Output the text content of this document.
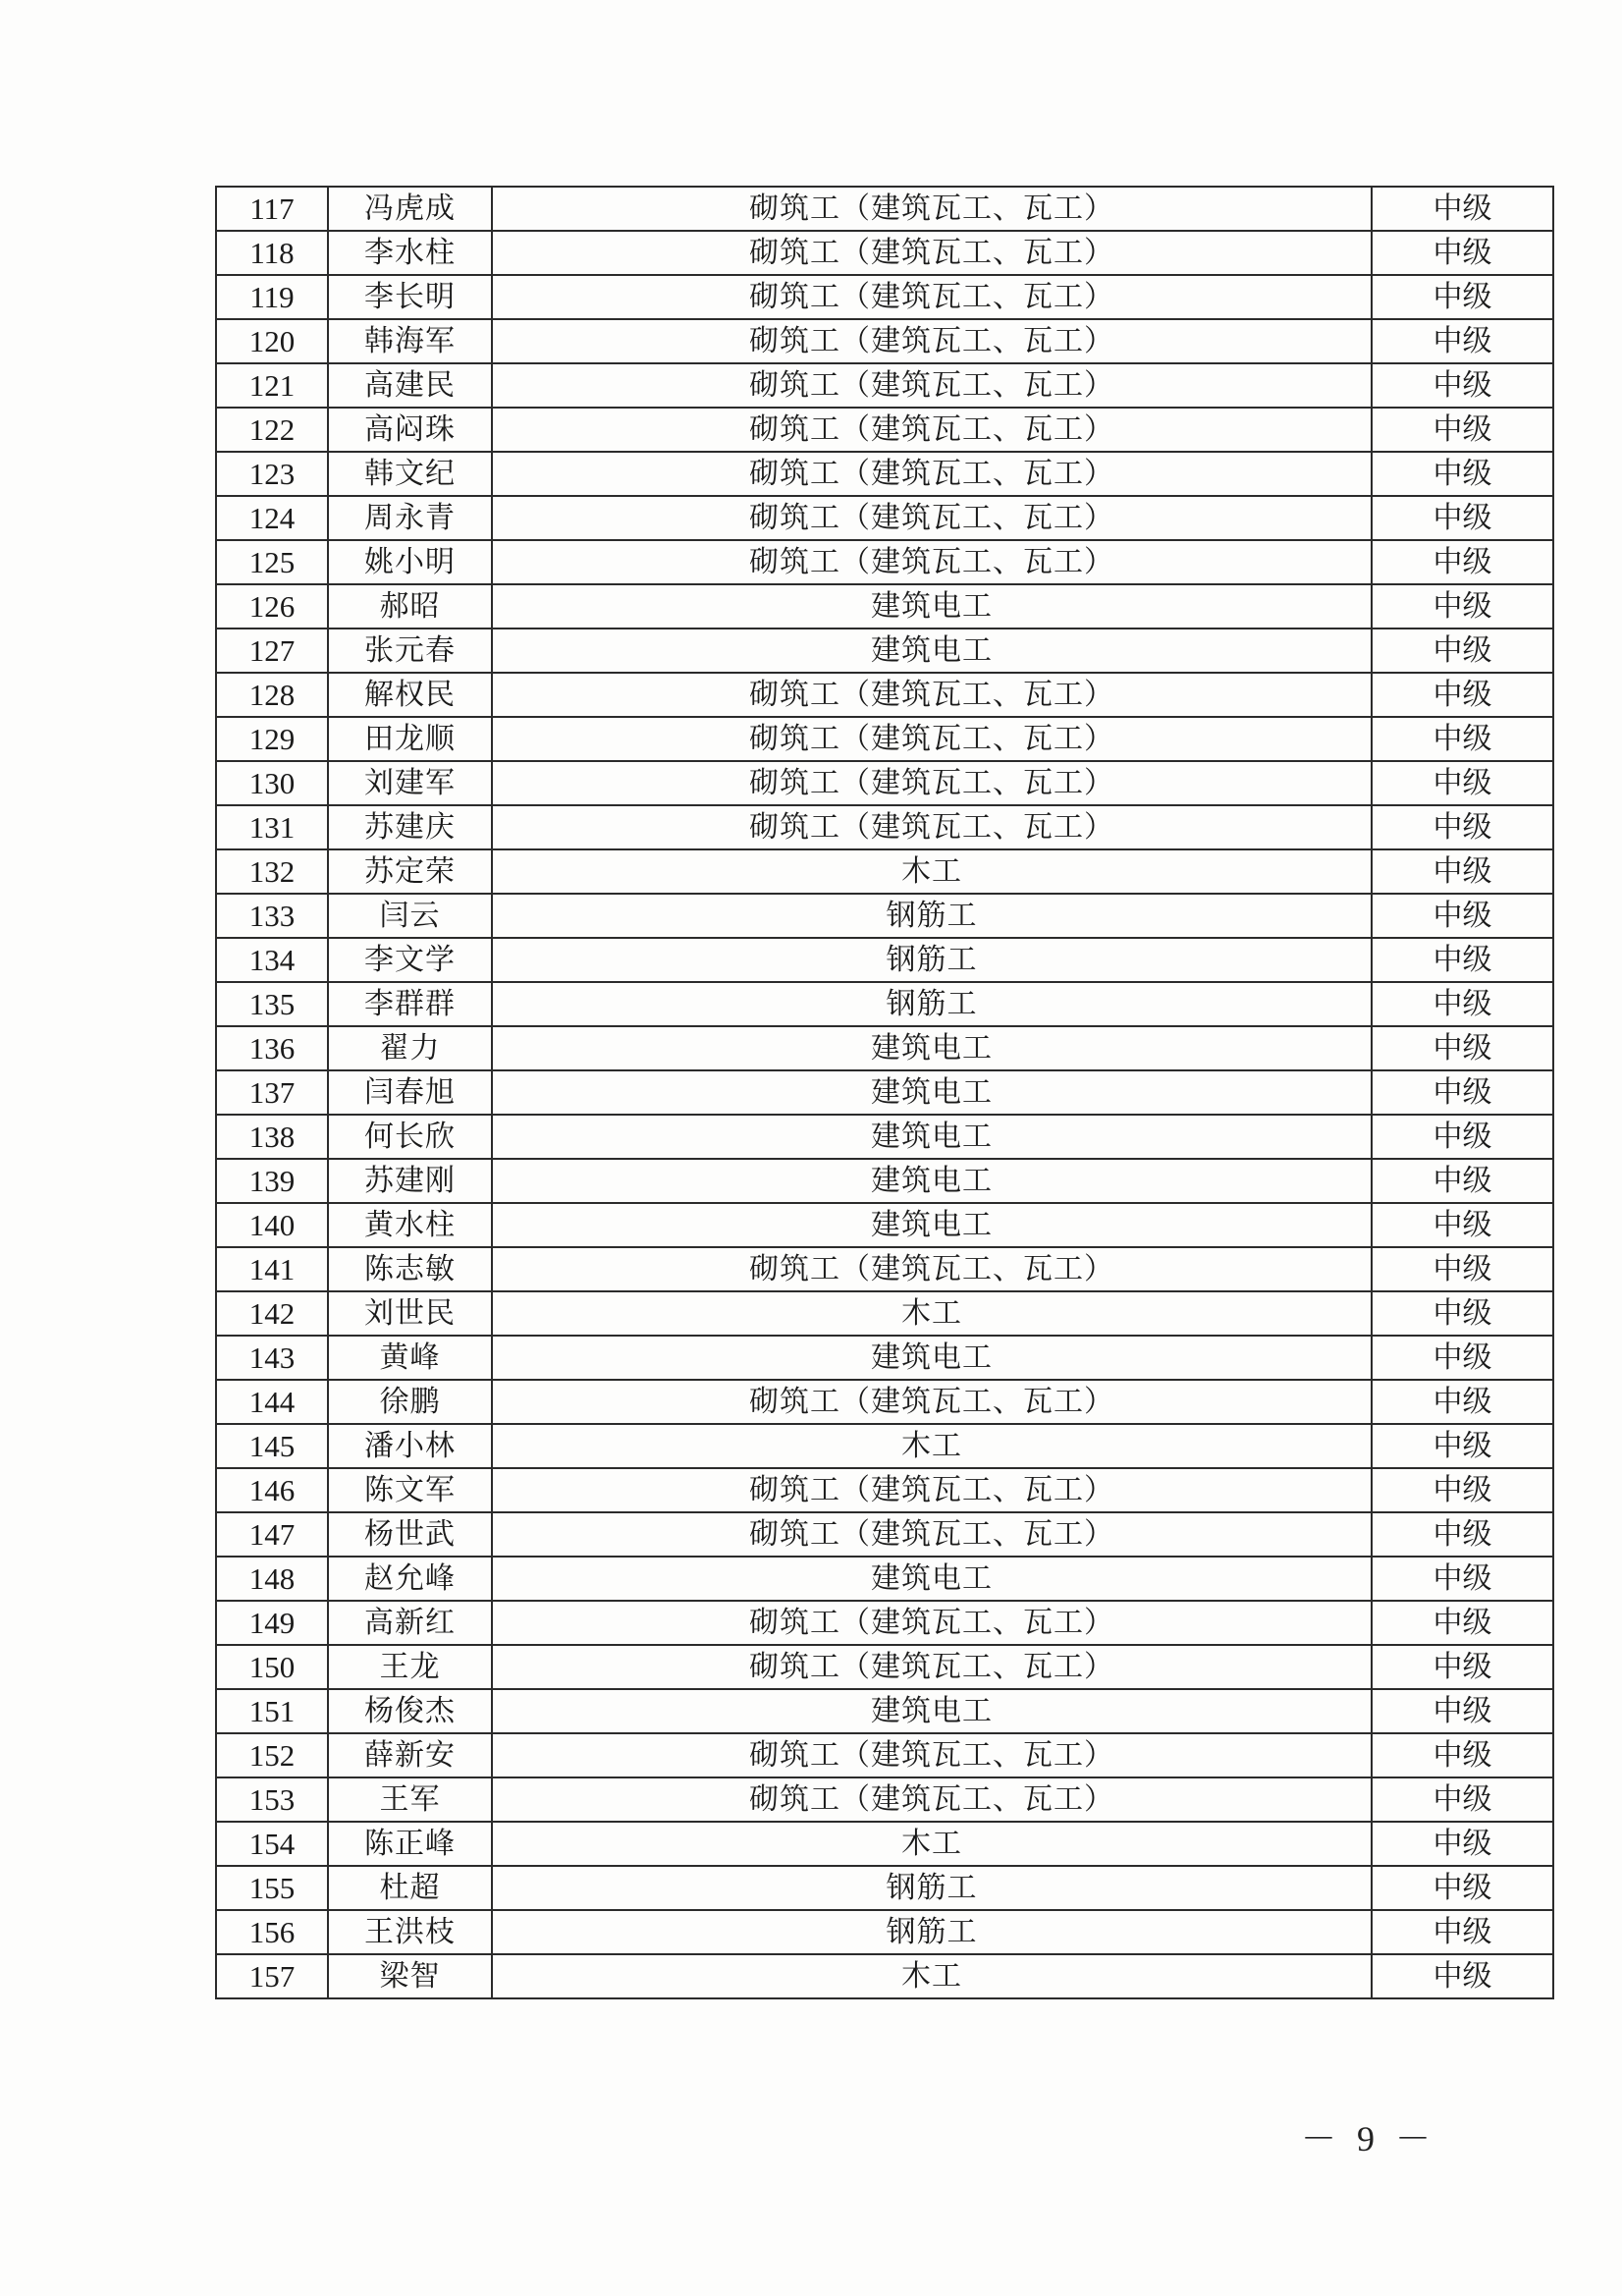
117	冯虎成	砌筑工（建筑瓦工、瓦工）	中级
118	李水柱	砌筑工（建筑瓦工、瓦工）	中级
119	李长明	砌筑工（建筑瓦工、瓦工）	中级
120	韩海军	砌筑工（建筑瓦工、瓦工）	中级
121	高建民	砌筑工（建筑瓦工、瓦工）	中级
122	高闷珠	砌筑工（建筑瓦工、瓦工）	中级
123	韩文纪	砌筑工（建筑瓦工、瓦工）	中级
124	周永青	砌筑工（建筑瓦工、瓦工）	中级
125	姚小明	砌筑工（建筑瓦工、瓦工）	中级
126	郝昭	建筑电工	中级
127	张元春	建筑电工	中级
128	解权民	砌筑工（建筑瓦工、瓦工）	中级
129	田龙顺	砌筑工（建筑瓦工、瓦工）	中级
130	刘建军	砌筑工（建筑瓦工、瓦工）	中级
131	苏建庆	砌筑工（建筑瓦工、瓦工）	中级
132	苏定荣	木工	中级
133	闫云	钢筋工	中级
134	李文学	钢筋工	中级
135	李群群	钢筋工	中级
136	翟力	建筑电工	中级
137	闫春旭	建筑电工	中级
138	何长欣	建筑电工	中级
139	苏建刚	建筑电工	中级
140	黄水柱	建筑电工	中级
141	陈志敏	砌筑工（建筑瓦工、瓦工）	中级
142	刘世民	木工	中级
143	黄峰	建筑电工	中级
144	徐鹏	砌筑工（建筑瓦工、瓦工）	中级
145	潘小林	木工	中级
146	陈文军	砌筑工（建筑瓦工、瓦工）	中级
147	杨世武	砌筑工（建筑瓦工、瓦工）	中级
148	赵允峰	建筑电工	中级
149	高新红	砌筑工（建筑瓦工、瓦工）	中级
150	王龙	砌筑工（建筑瓦工、瓦工）	中级
151	杨俊杰	建筑电工	中级
152	薛新安	砌筑工（建筑瓦工、瓦工）	中级
153	王军	砌筑工（建筑瓦工、瓦工）	中级
154	陈正峰	木工	中级
155	杜超	钢筋工	中级
156	王洪枝	钢筋工	中级
157	梁智	木工	中级
－ 9 －
